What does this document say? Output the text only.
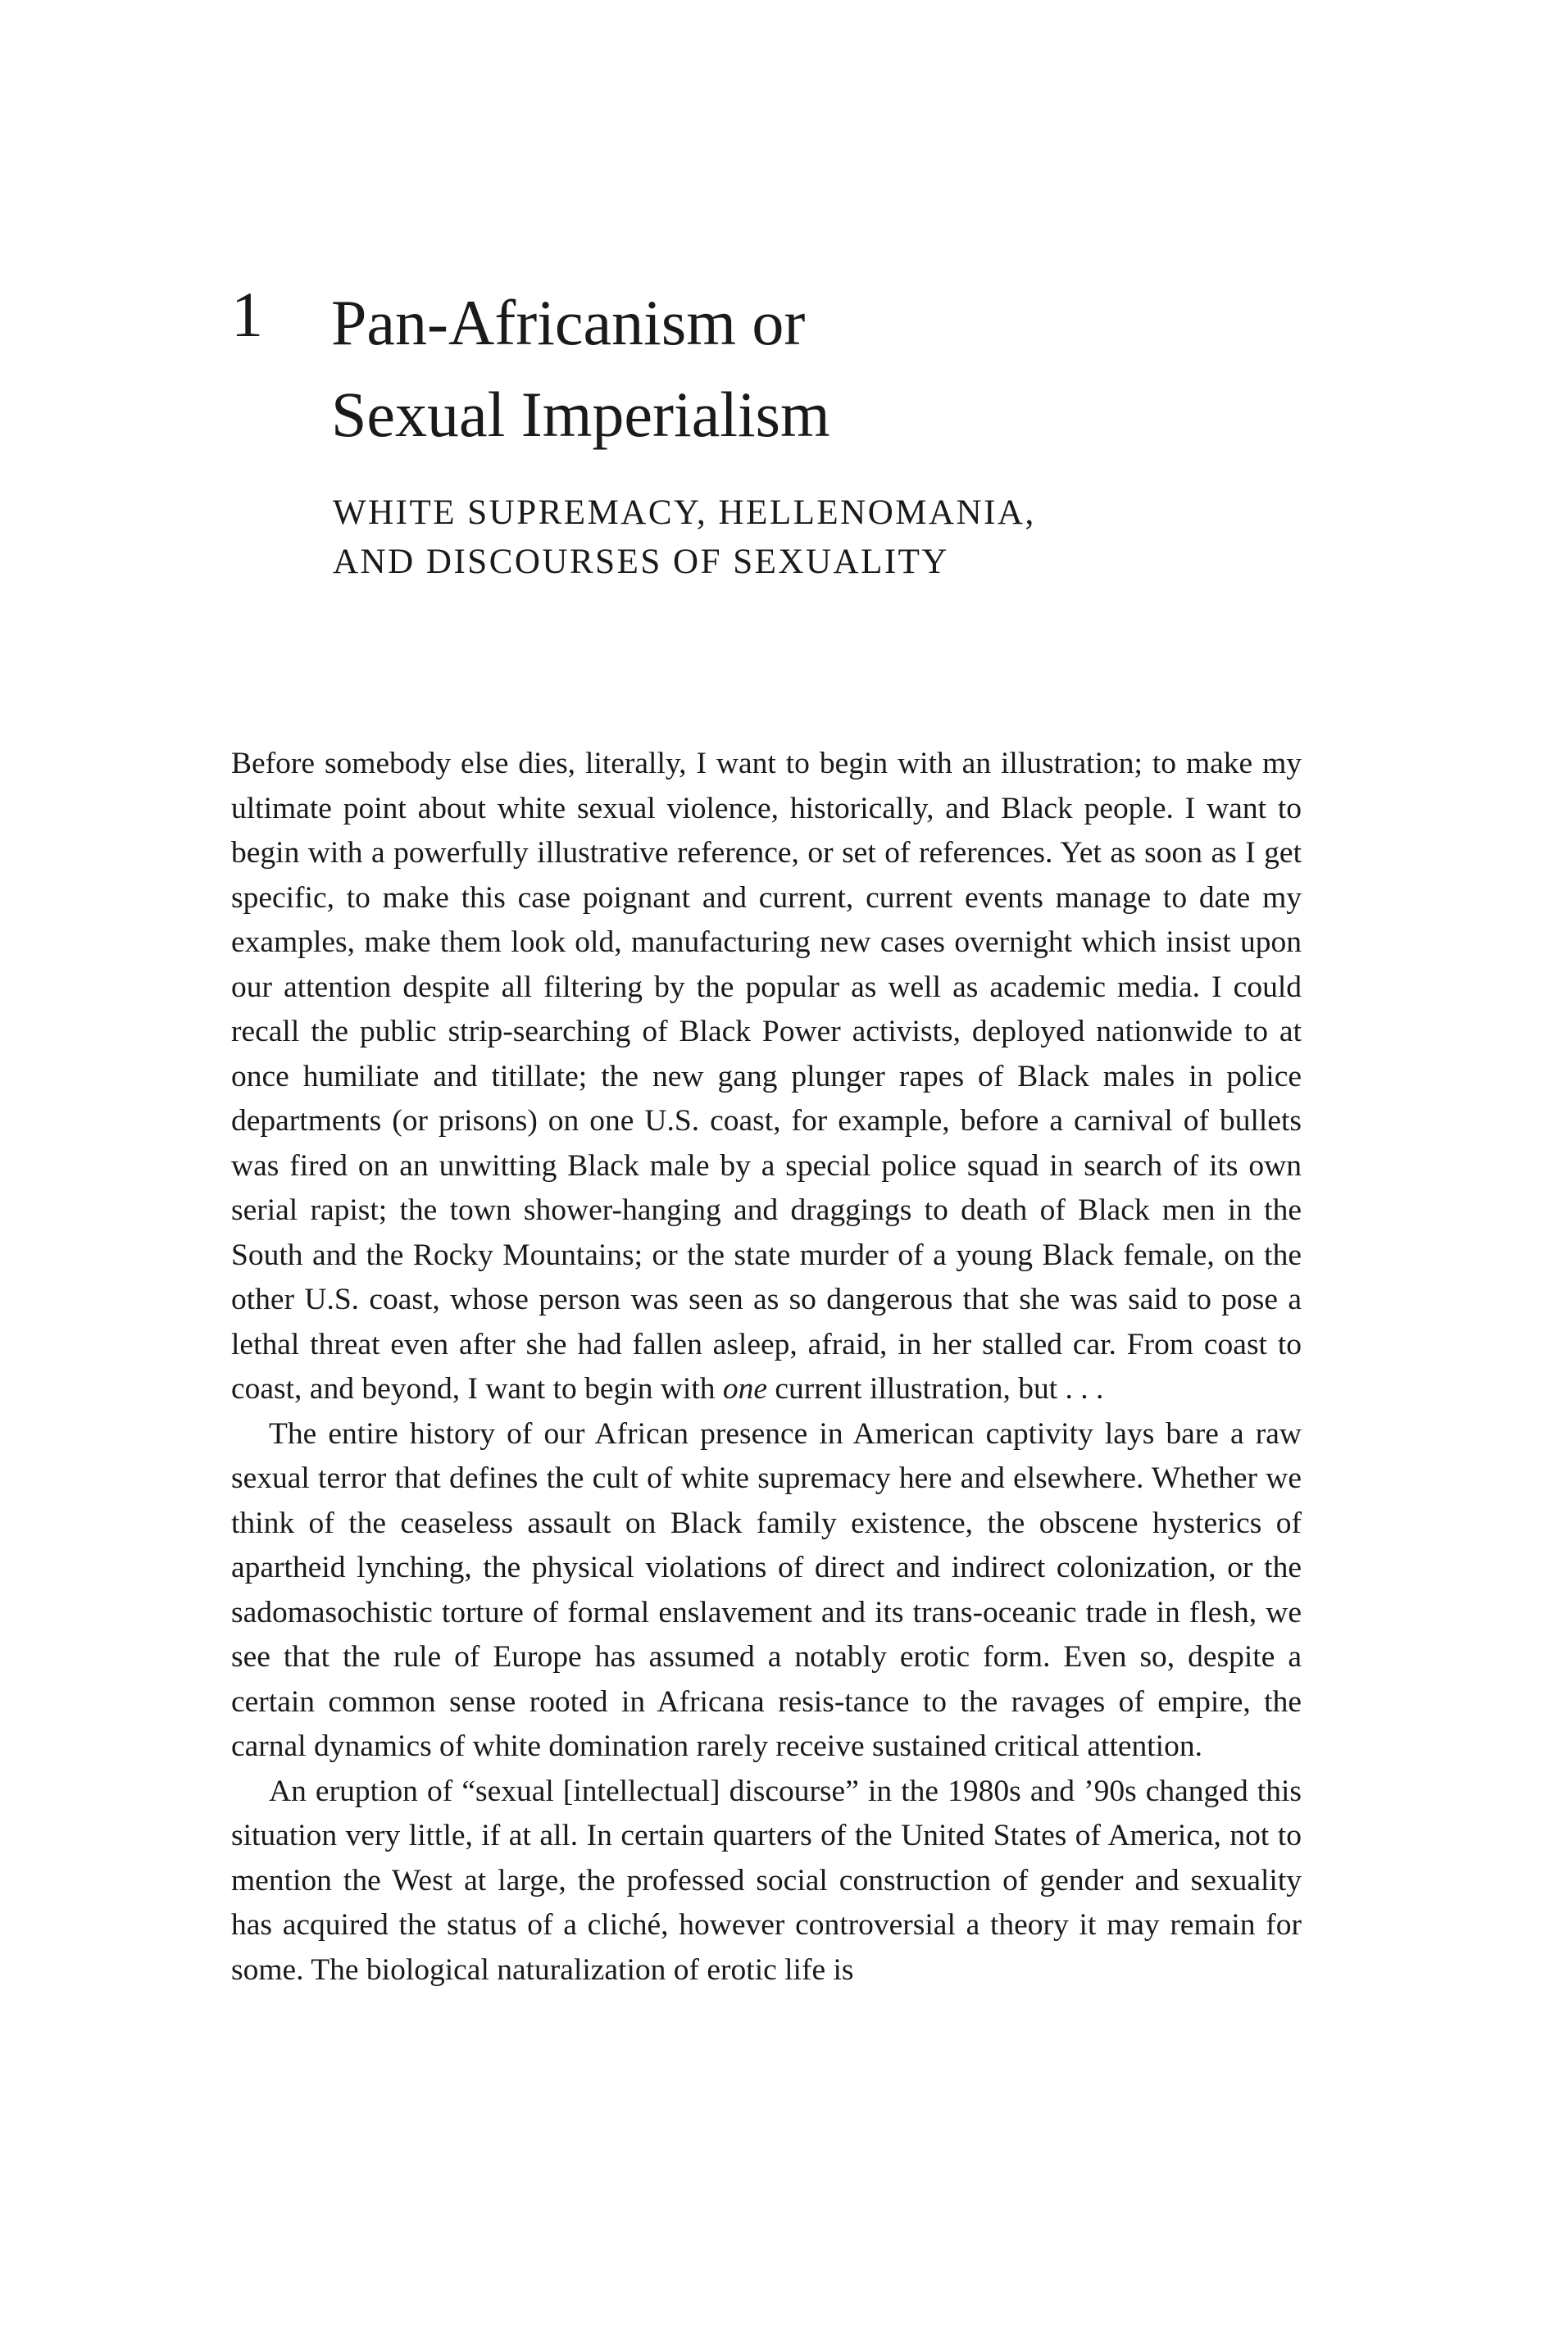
1 Pan-Africanism or
Sexual Imperialism
WHITE SUPREMACY, HELLENOMANIA,
AND DISCOURSES OF SEXUALITY

Before somebody else dies, literally, I want to begin with an illustration; to make my ultimate point about white sexual violence, historically, and Black people. I want to begin with a powerfully illustrative reference, or set of references. Yet as soon as I get specific, to make this case poignant and current, current events manage to date my examples, make them look old, manufacturing new cases overnight which insist upon our attention despite all filtering by the popular as well as academic media. I could recall the public strip-searching of Black Power activists, deployed nationwide to at once humiliate and titillate; the new gang plunger rapes of Black males in police departments (or prisons) on one U.S. coast, for example, before a carnival of bullets was fired on an unwitting Black male by a special police squad in search of its own serial rapist; the town shower-hanging and draggings to death of Black men in the South and the Rocky Mountains; or the state murder of a young Black female, on the other U.S. coast, whose person was seen as so dangerous that she was said to pose a lethal threat even after she had fallen asleep, afraid, in her stalled car. From coast to coast, and beyond, I want to begin with one current illustration, but . . .

The entire history of our African presence in American captivity lays bare a raw sexual terror that defines the cult of white supremacy here and elsewhere. Whether we think of the ceaseless assault on Black family existence, the obscene hysterics of apartheid lynching, the physical violations of direct and indirect colonization, or the sadomasochistic torture of formal enslavement and its trans-oceanic trade in flesh, we see that the rule of Europe has assumed a notably erotic form. Even so, despite a certain common sense rooted in Africana resis-tance to the ravages of empire, the carnal dynamics of white domination rarely receive sustained critical attention.

An eruption of “sexual [intellectual] discourse” in the 1980s and ’90s changed this situation very little, if at all. In certain quarters of the United States of America, not to mention the West at large, the professed social construction of gender and sexuality has acquired the status of a cliché, however controversial a theory it may remain for some. The biological naturalization of erotic life is
